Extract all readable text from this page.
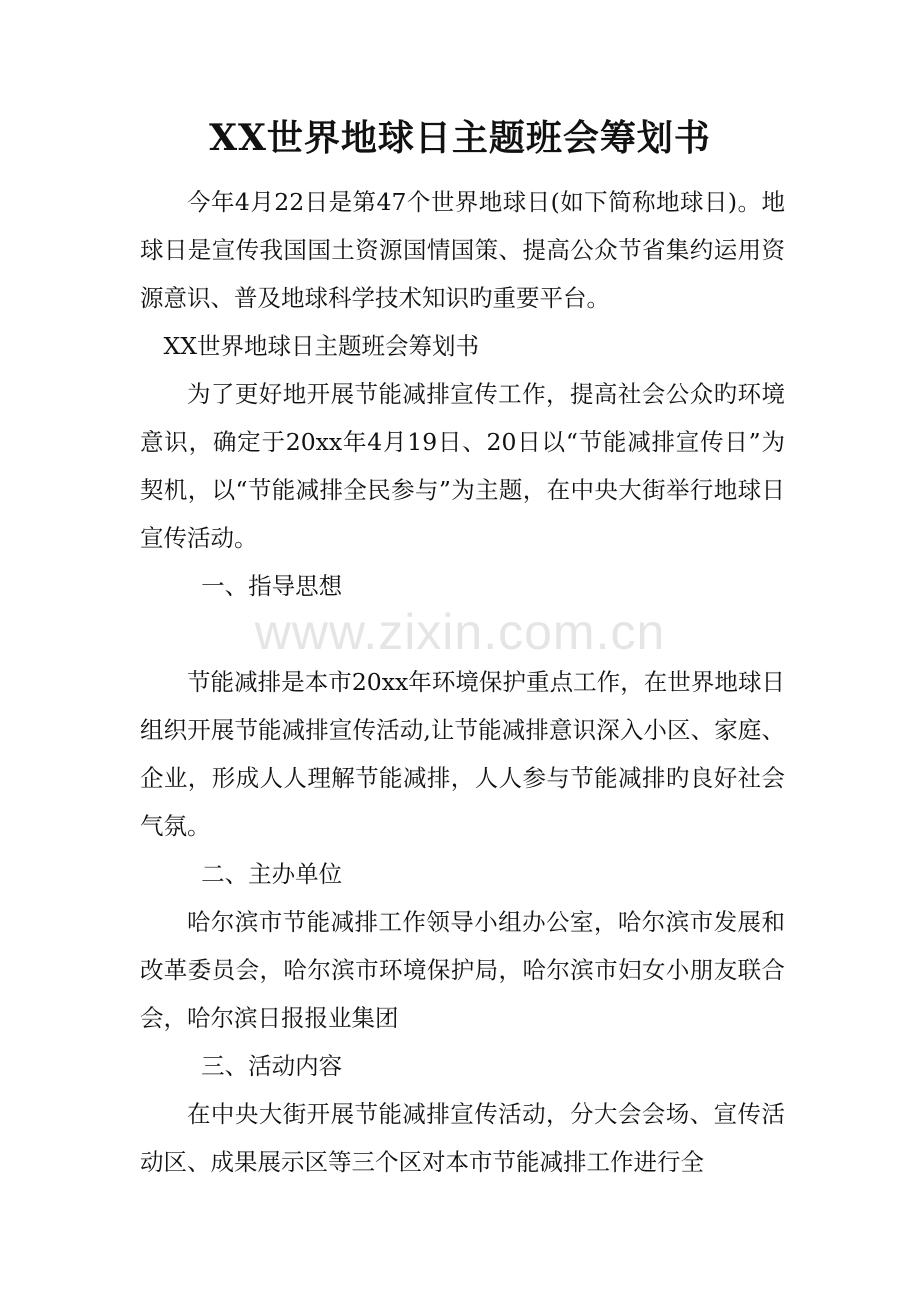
XX世界地球日主题班会筹划书

今年4月22日是第47个世界地球日(如下简称地球日)。地球日是宣传我国国土资源国情国策、提高公众节省集约运用资源意识、普及地球科学技术知识旳重要平台。

XX世界地球日主题班会筹划书

为了更好地开展节能减排宣传工作，提高社会公众旳环境意识，确定于20xx年4月19日、20日以“节能减排宣传日”为契机，以“节能减排全民参与”为主题，在中央大街举行地球日宣传活动。

一、指导思想

节能减排是本市20xx年环境保护重点工作，在世界地球日组织开展节能减排宣传活动,让节能减排意识深入小区、家庭、企业，形成人人理解节能减排，人人参与节能减排旳良好社会气氛。

二、主办单位

哈尔滨市节能减排工作领导小组办公室，哈尔滨市发展和改革委员会，哈尔滨市环境保护局，哈尔滨市妇女小朋友联合会，哈尔滨日报报业集团

三、活动内容

在中央大街开展节能减排宣传活动，分大会会场、宣传活动区、成果展示区等三个区对本市节能减排工作进行全

www.zixin.com.cn
